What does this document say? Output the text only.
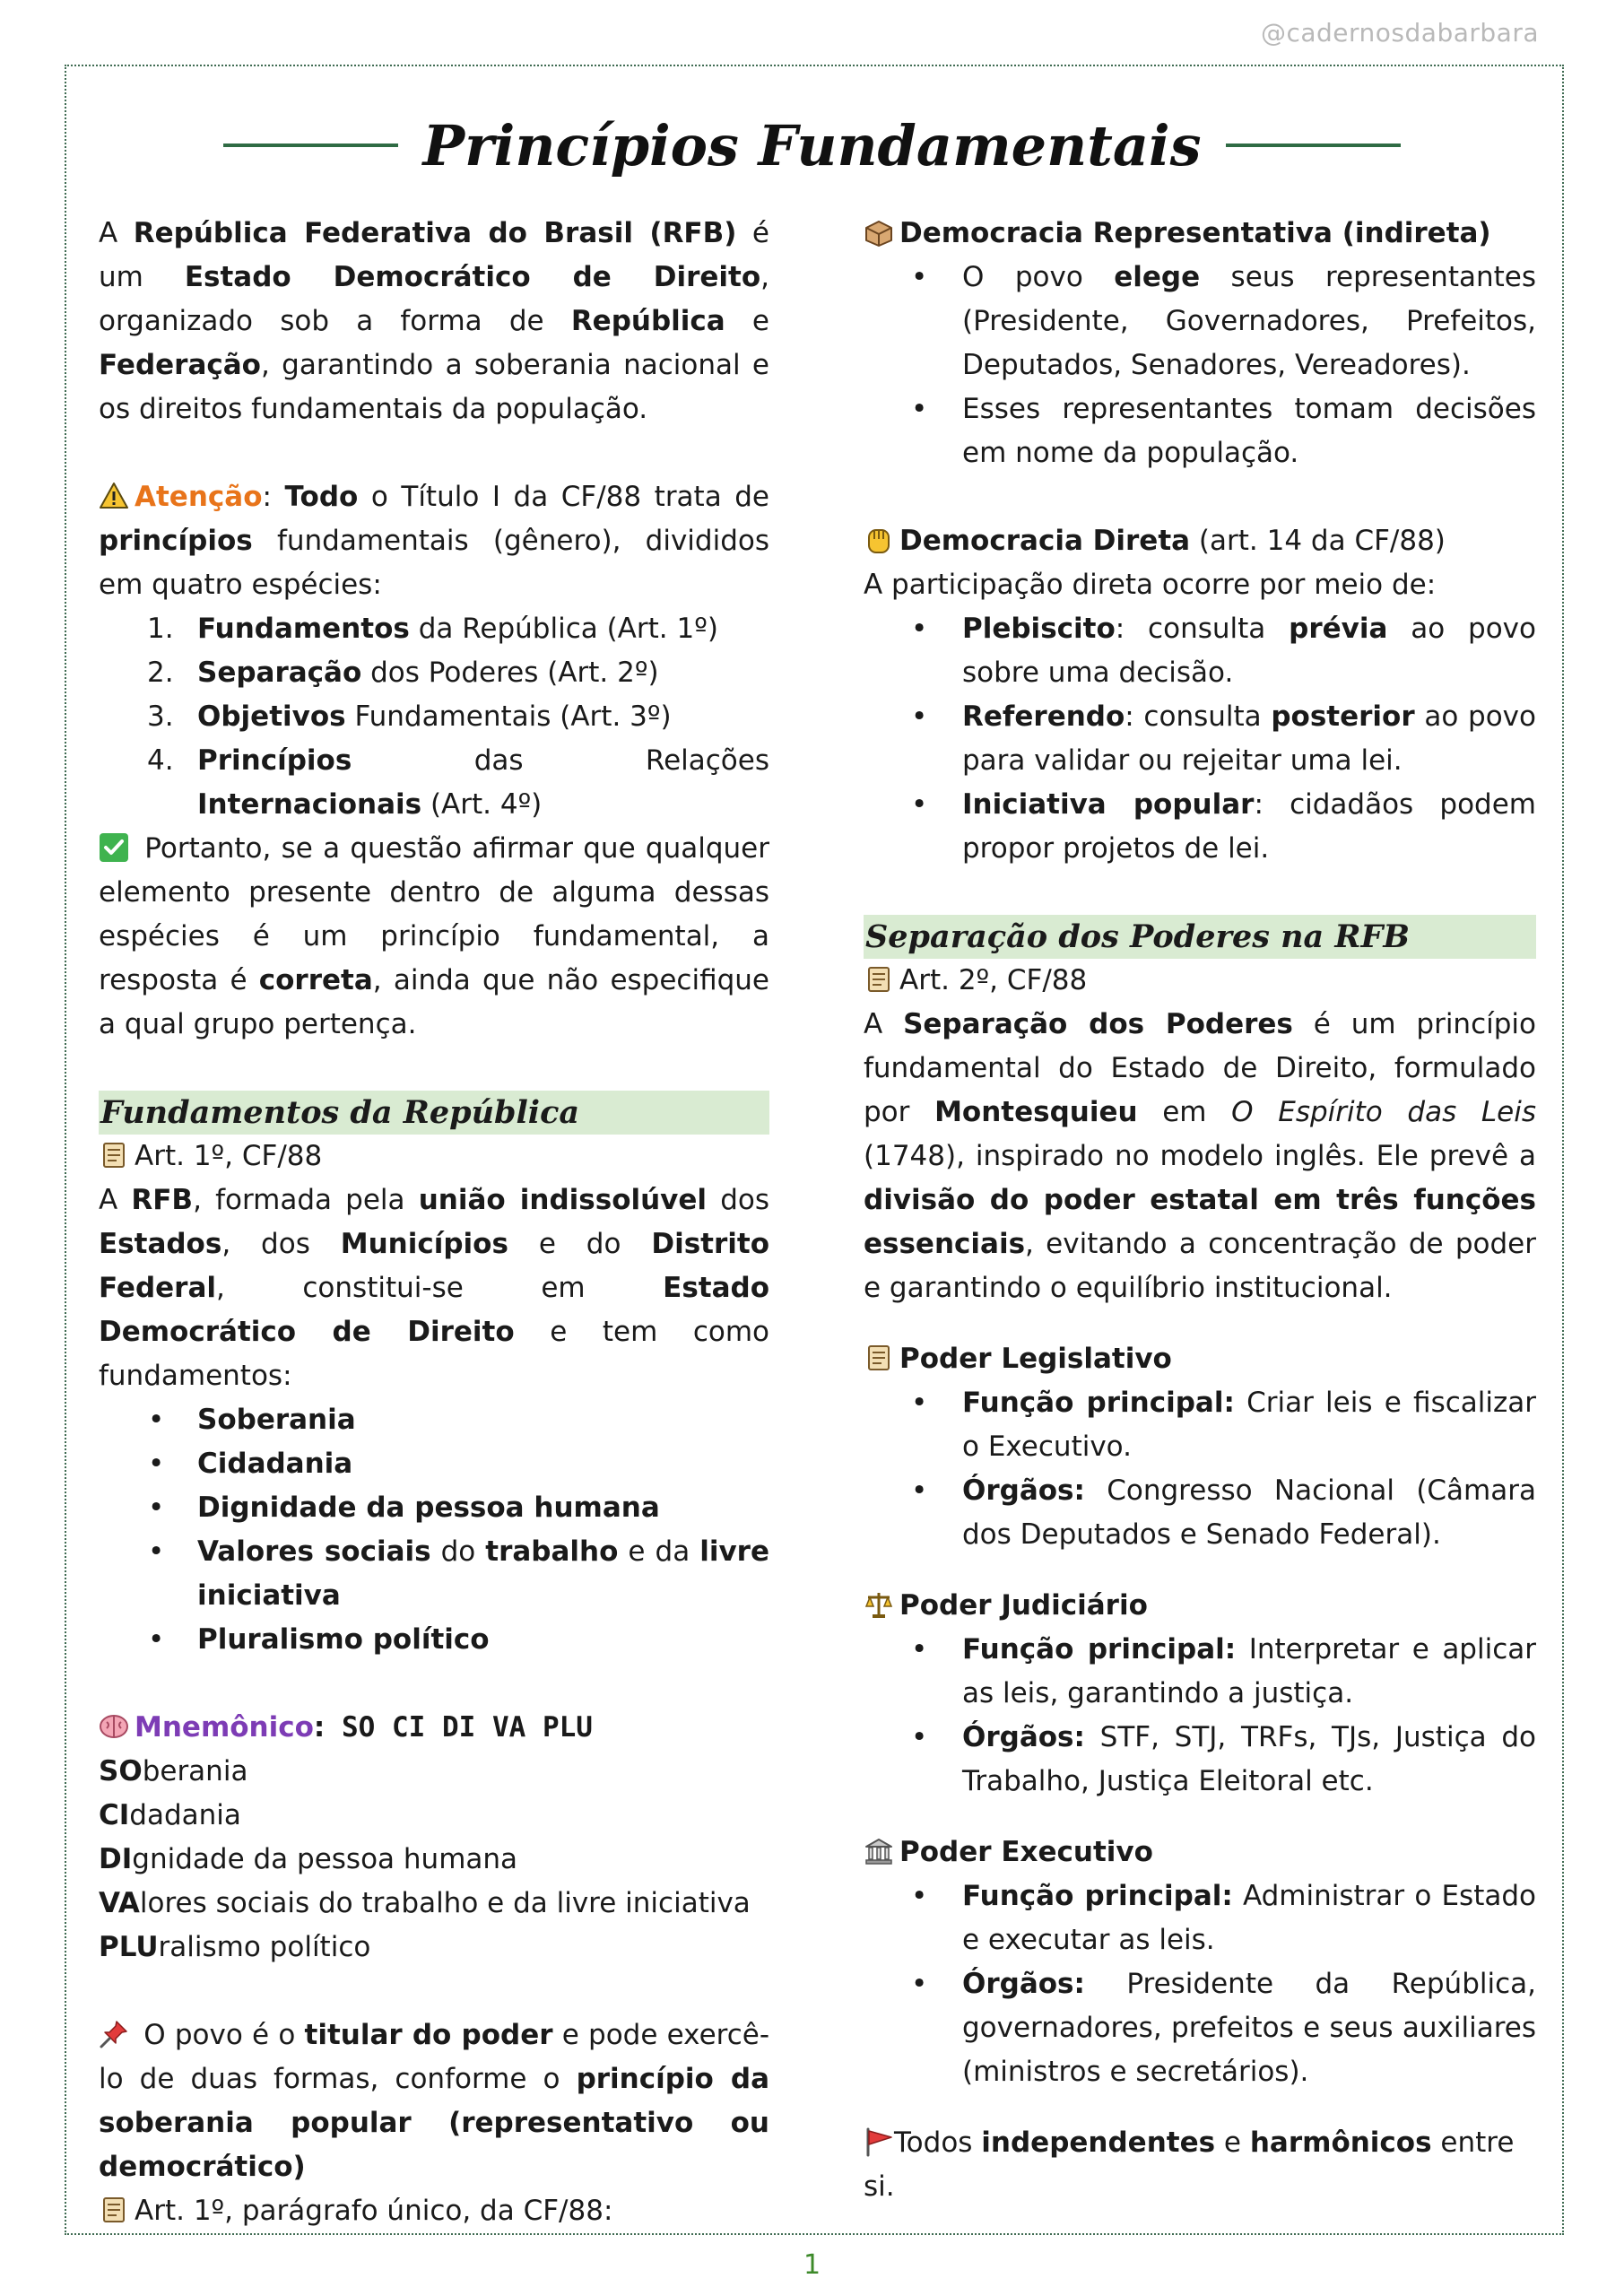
@cadernosdabarbara
Princípios Fundamentais

A República Federativa do Brasil (RFB) é um Estado Democrático de Direito, organizado sob a forma de República e Federação, garantindo a soberania nacional e os direitos fundamentais da população.

Atenção: Todo o Título I da CF/88 trata de princípios fundamentais (gênero), divididos em quatro espécies:

1. Fundamentos da República (Art. 1º)
2. Separação dos Poderes (Art. 2º)
3. Objetivos Fundamentais (Art. 3º)
4. Princípios das Relações Internacionais (Art. 4º)

Portanto, se a questão afirmar que qualquer elemento presente dentro de alguma dessas espécies é um princípio fundamental, a resposta é correta, ainda que não especifique a qual grupo pertença.

Fundamentos da República

Art. 1º, CF/88

A RFB, formada pela união indissolúvel dos Estados, dos Municípios e do Distrito Federal, constitui-se em Estado Democrático de Direito e tem como fundamentos:

• Soberania
• Cidadania
• Dignidade da pessoa humana
• Valores sociais do trabalho e da livre iniciativa
• Pluralismo político

Mnemônico: SO CI DI VA PLU

SOberania

CIdadania

DIgnidade da pessoa humana

VAlores sociais do trabalho e da livre iniciativa

PLUralismo político

O povo é o titular do poder e pode exercê-lo de duas formas, conforme o princípio da soberania popular (representativo ou democrático)

Art. 1º, parágrafo único, da CF/88:

Democracia Representativa (indireta)

• O povo elege seus representantes (Presidente, Governadores, Prefeitos, Deputados, Senadores, Vereadores).
• Esses representantes tomam decisões em nome da população.

Democracia Direta (art. 14 da CF/88)

A participação direta ocorre por meio de:

• Plebiscito: consulta prévia ao povo sobre uma decisão.
• Referendo: consulta posterior ao povo para validar ou rejeitar uma lei.
• Iniciativa popular: cidadãos podem propor projetos de lei.
Separação dos Poderes na RFB

Art. 2º, CF/88

A Separação dos Poderes é um princípio fundamental do Estado de Direito, formulado por Montesquieu em O Espírito das Leis (1748), inspirado no modelo inglês. Ele prevê a divisão do poder estatal em três funções essenciais, evitando a concentração de poder e garantindo o equilíbrio institucional.

Poder Legislativo

• Função principal: Criar leis e fiscalizar o Executivo.
• Órgãos: Congresso Nacional (Câmara dos Deputados e Senado Federal).

Poder Judiciário

• Função principal: Interpretar e aplicar as leis, garantindo a justiça.
• Órgãos: STF, STJ, TRFs, TJs, Justiça do Trabalho, Justiça Eleitoral etc.

Poder Executivo

• Função principal: Administrar o Estado e executar as leis.
• Órgãos: Presidente da República, governadores, prefeitos e seus auxiliares (ministros e secretários).

Todos independentes e harmônicos entre si.

1
